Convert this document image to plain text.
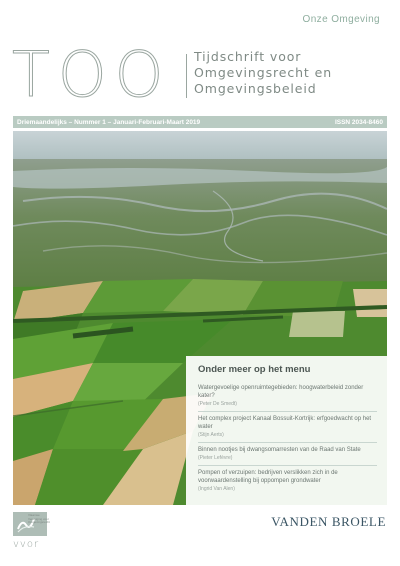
Onze Omgeving
TOO Tijdschrift voor
Omgevingsrecht en
Omgevingsbeleid
Driemaandelijks – Nummer 1 – Januari-Februari-Maart 2019	ISSN 2034-8460
Onder meer op het menu
Watergevoelige openruimtegebieden: hoogwaterbeleid zonder kater?
(Peter De Smedt)
Het complex project Kanaal Bossuit-Kortrijk: erfgoedwacht op het water
(Stijn Aerts)
Binnen nootjes bij dwangsomarresten van de Raad van State
(Pieter Lefèvre)
Pompen of verzuipen: bedrijven verslikken zich in de voorwaardenstelling bij oppompen grondwater
(Ingrid Van Alen)
Vlaamse Vereniging voor Omgevingsrecht
vvor
VANDEN BROELE
